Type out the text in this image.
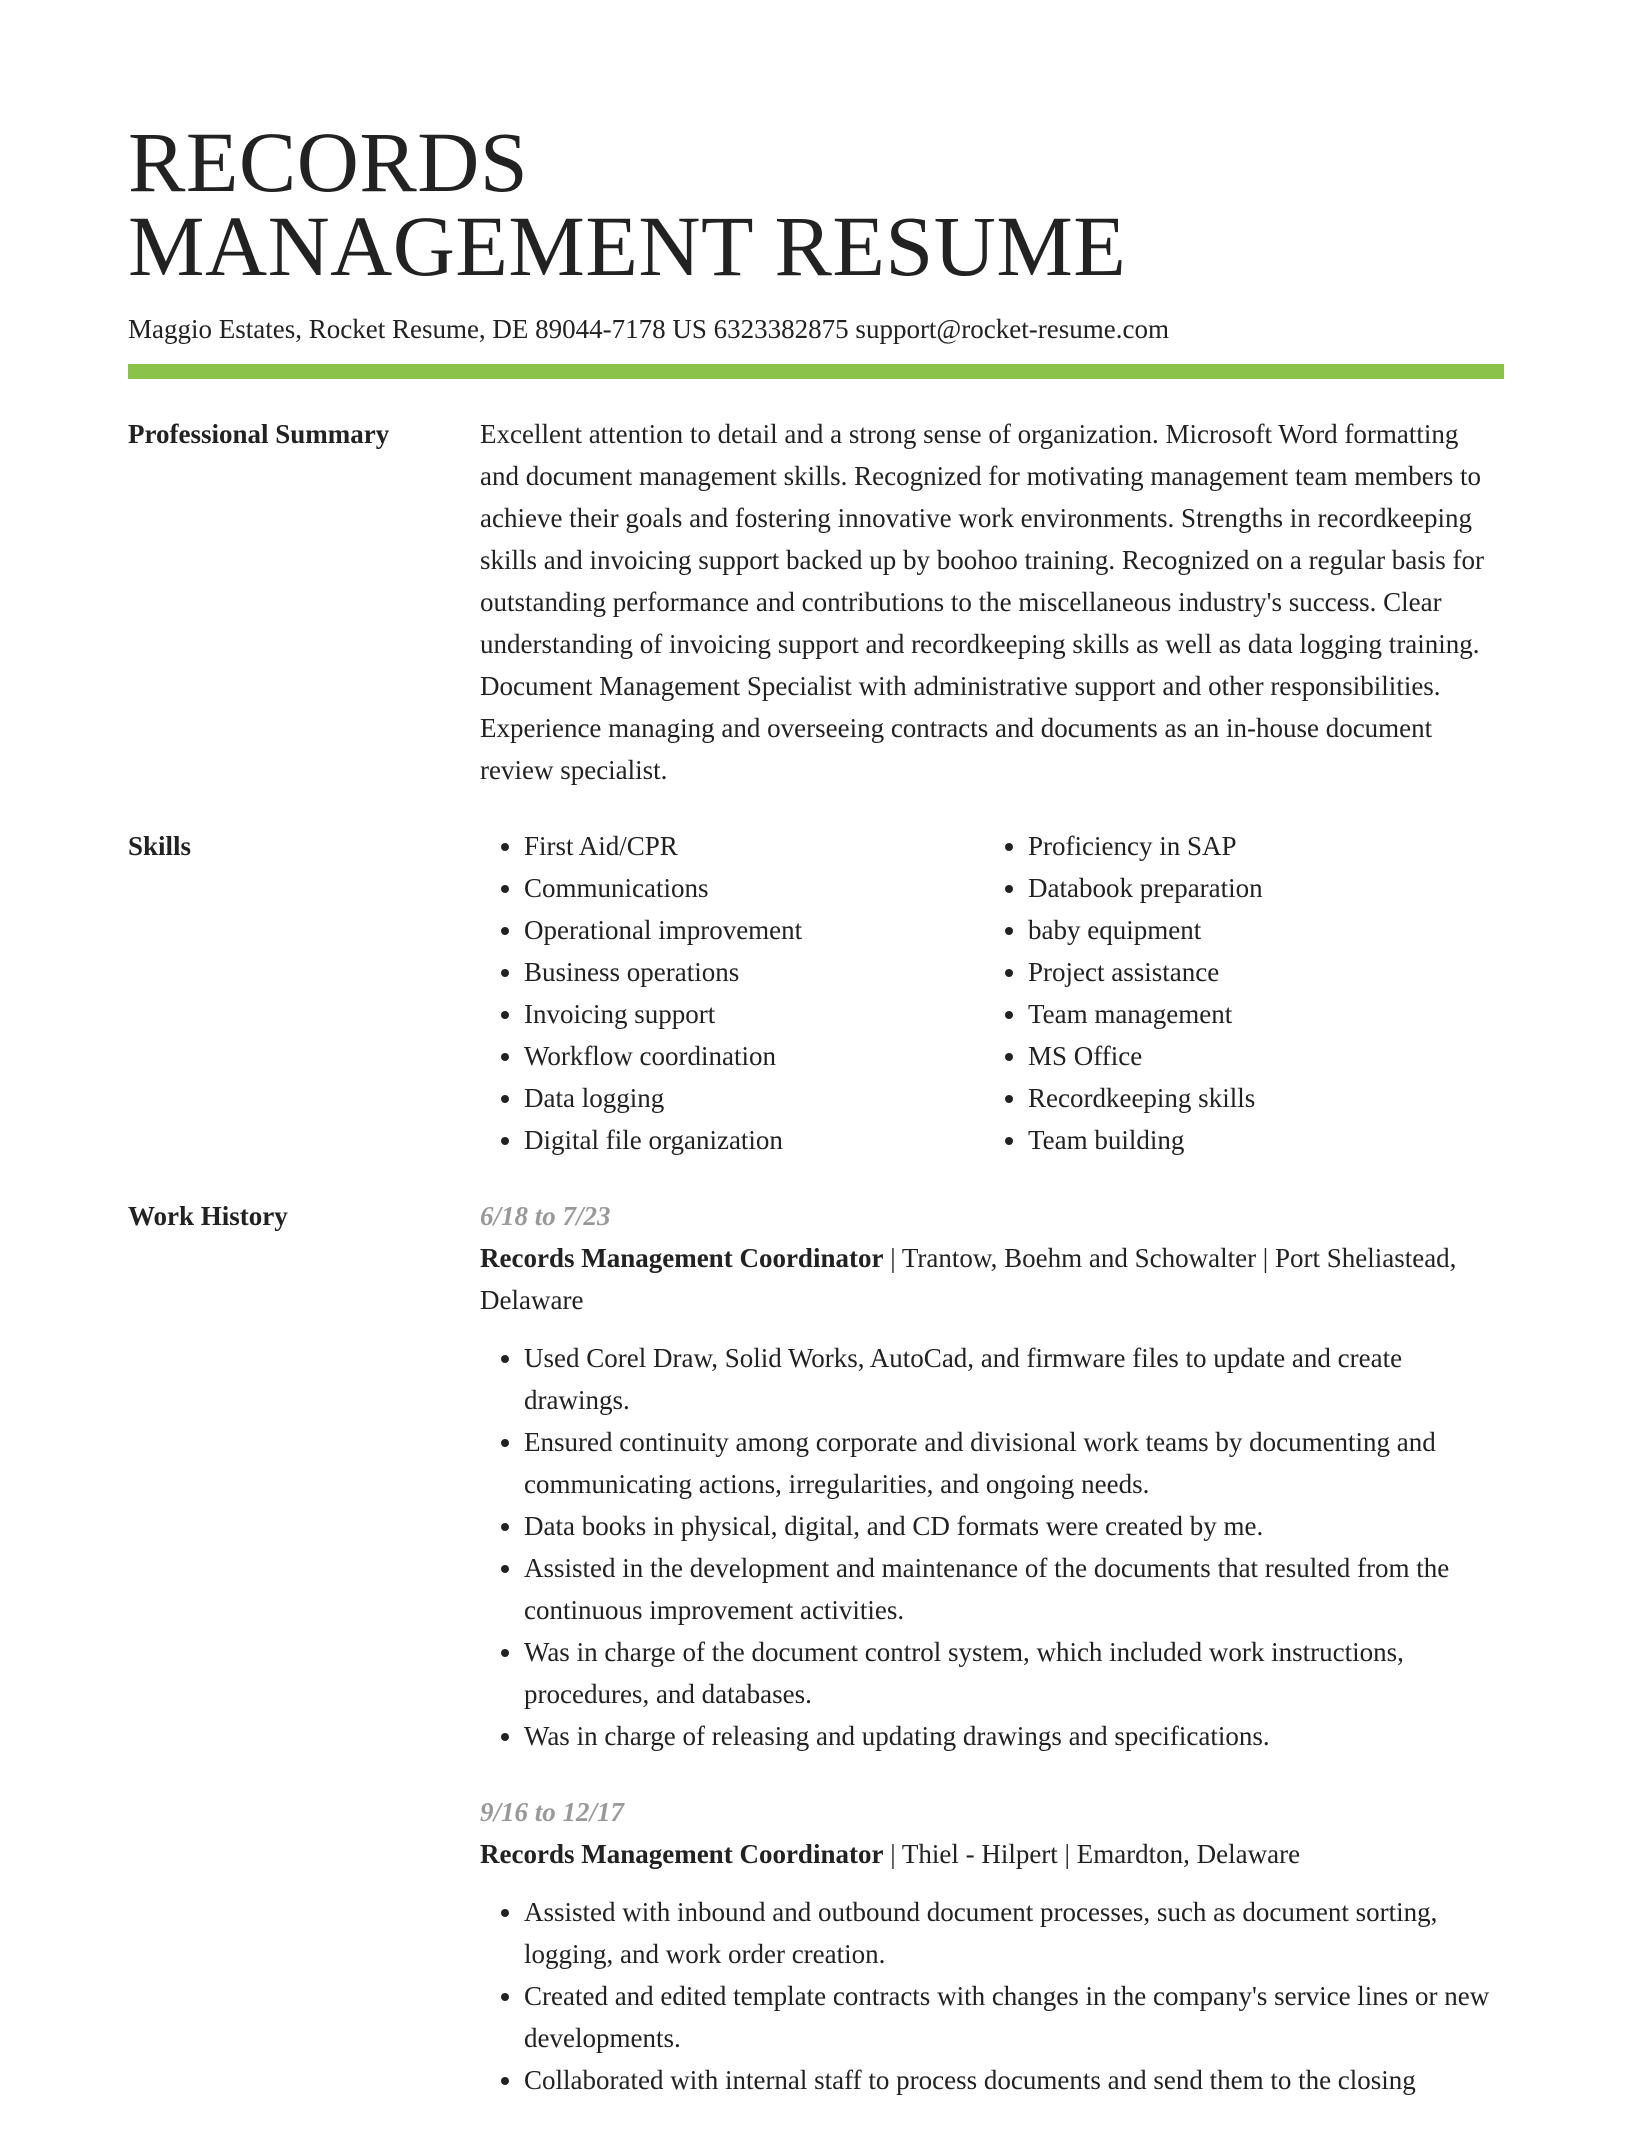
RECORDS
MANAGEMENT RESUME
Maggio Estates, Rocket Resume, DE 89044-7178 US 6323382875 support@rocket-resume.com
Professional Summary	Excellent attention to detail and a strong sense of organization. Microsoft Word formatting and document management skills. Recognized for motivating management team members to achieve their goals and fostering innovative work environments. Strengths in recordkeeping skills and invoicing support backed up by boohoo training. Recognized on a regular basis for outstanding performance and contributions to the miscellaneous industry's success. Clear understanding of invoicing support and recordkeeping skills as well as data logging training. Document Management Specialist with administrative support and other responsibilities. Experience managing and overseeing contracts and documents as an in-house document review specialist.

Skills
•	First Aid/CPR
• Communications
• Operational improvement
• Business operations
• Invoicing support
• Workflow coordination
• Data logging
• Digital file organization
• Proficiency in SAP
• Databook preparation
• baby equipment
• Project assistance
• Team management
• MS Office
• Recordkeeping skills
• Team building
Work History	6/18 to 7/23
Records Management Coordinator | Trantow, Boehm and Schowalter | Port Sheliastead, Delaware
• Used Corel Draw, Solid Works, AutoCad, and firmware files to update and create drawings.
• Ensured continuity among corporate and divisional work teams by documenting and communicating actions, irregularities, and ongoing needs.
• Data books in physical, digital, and CD formats were created by me.
• Assisted in the development and maintenance of the documents that resulted from the continuous improvement activities.
• Was in charge of the document control system, which included work instructions, procedures, and databases.
• Was in charge of releasing and updating drawings and specifications.
9/16 to 12/17
Records Management Coordinator | Thiel - Hilpert | Emardton, Delaware
• Assisted with inbound and outbound document processes, such as document sorting, logging, and work order creation.
• Created and edited template contracts with changes in the company's service lines or new developments.
• Collaborated with internal staff to process documents and send them to the closing
